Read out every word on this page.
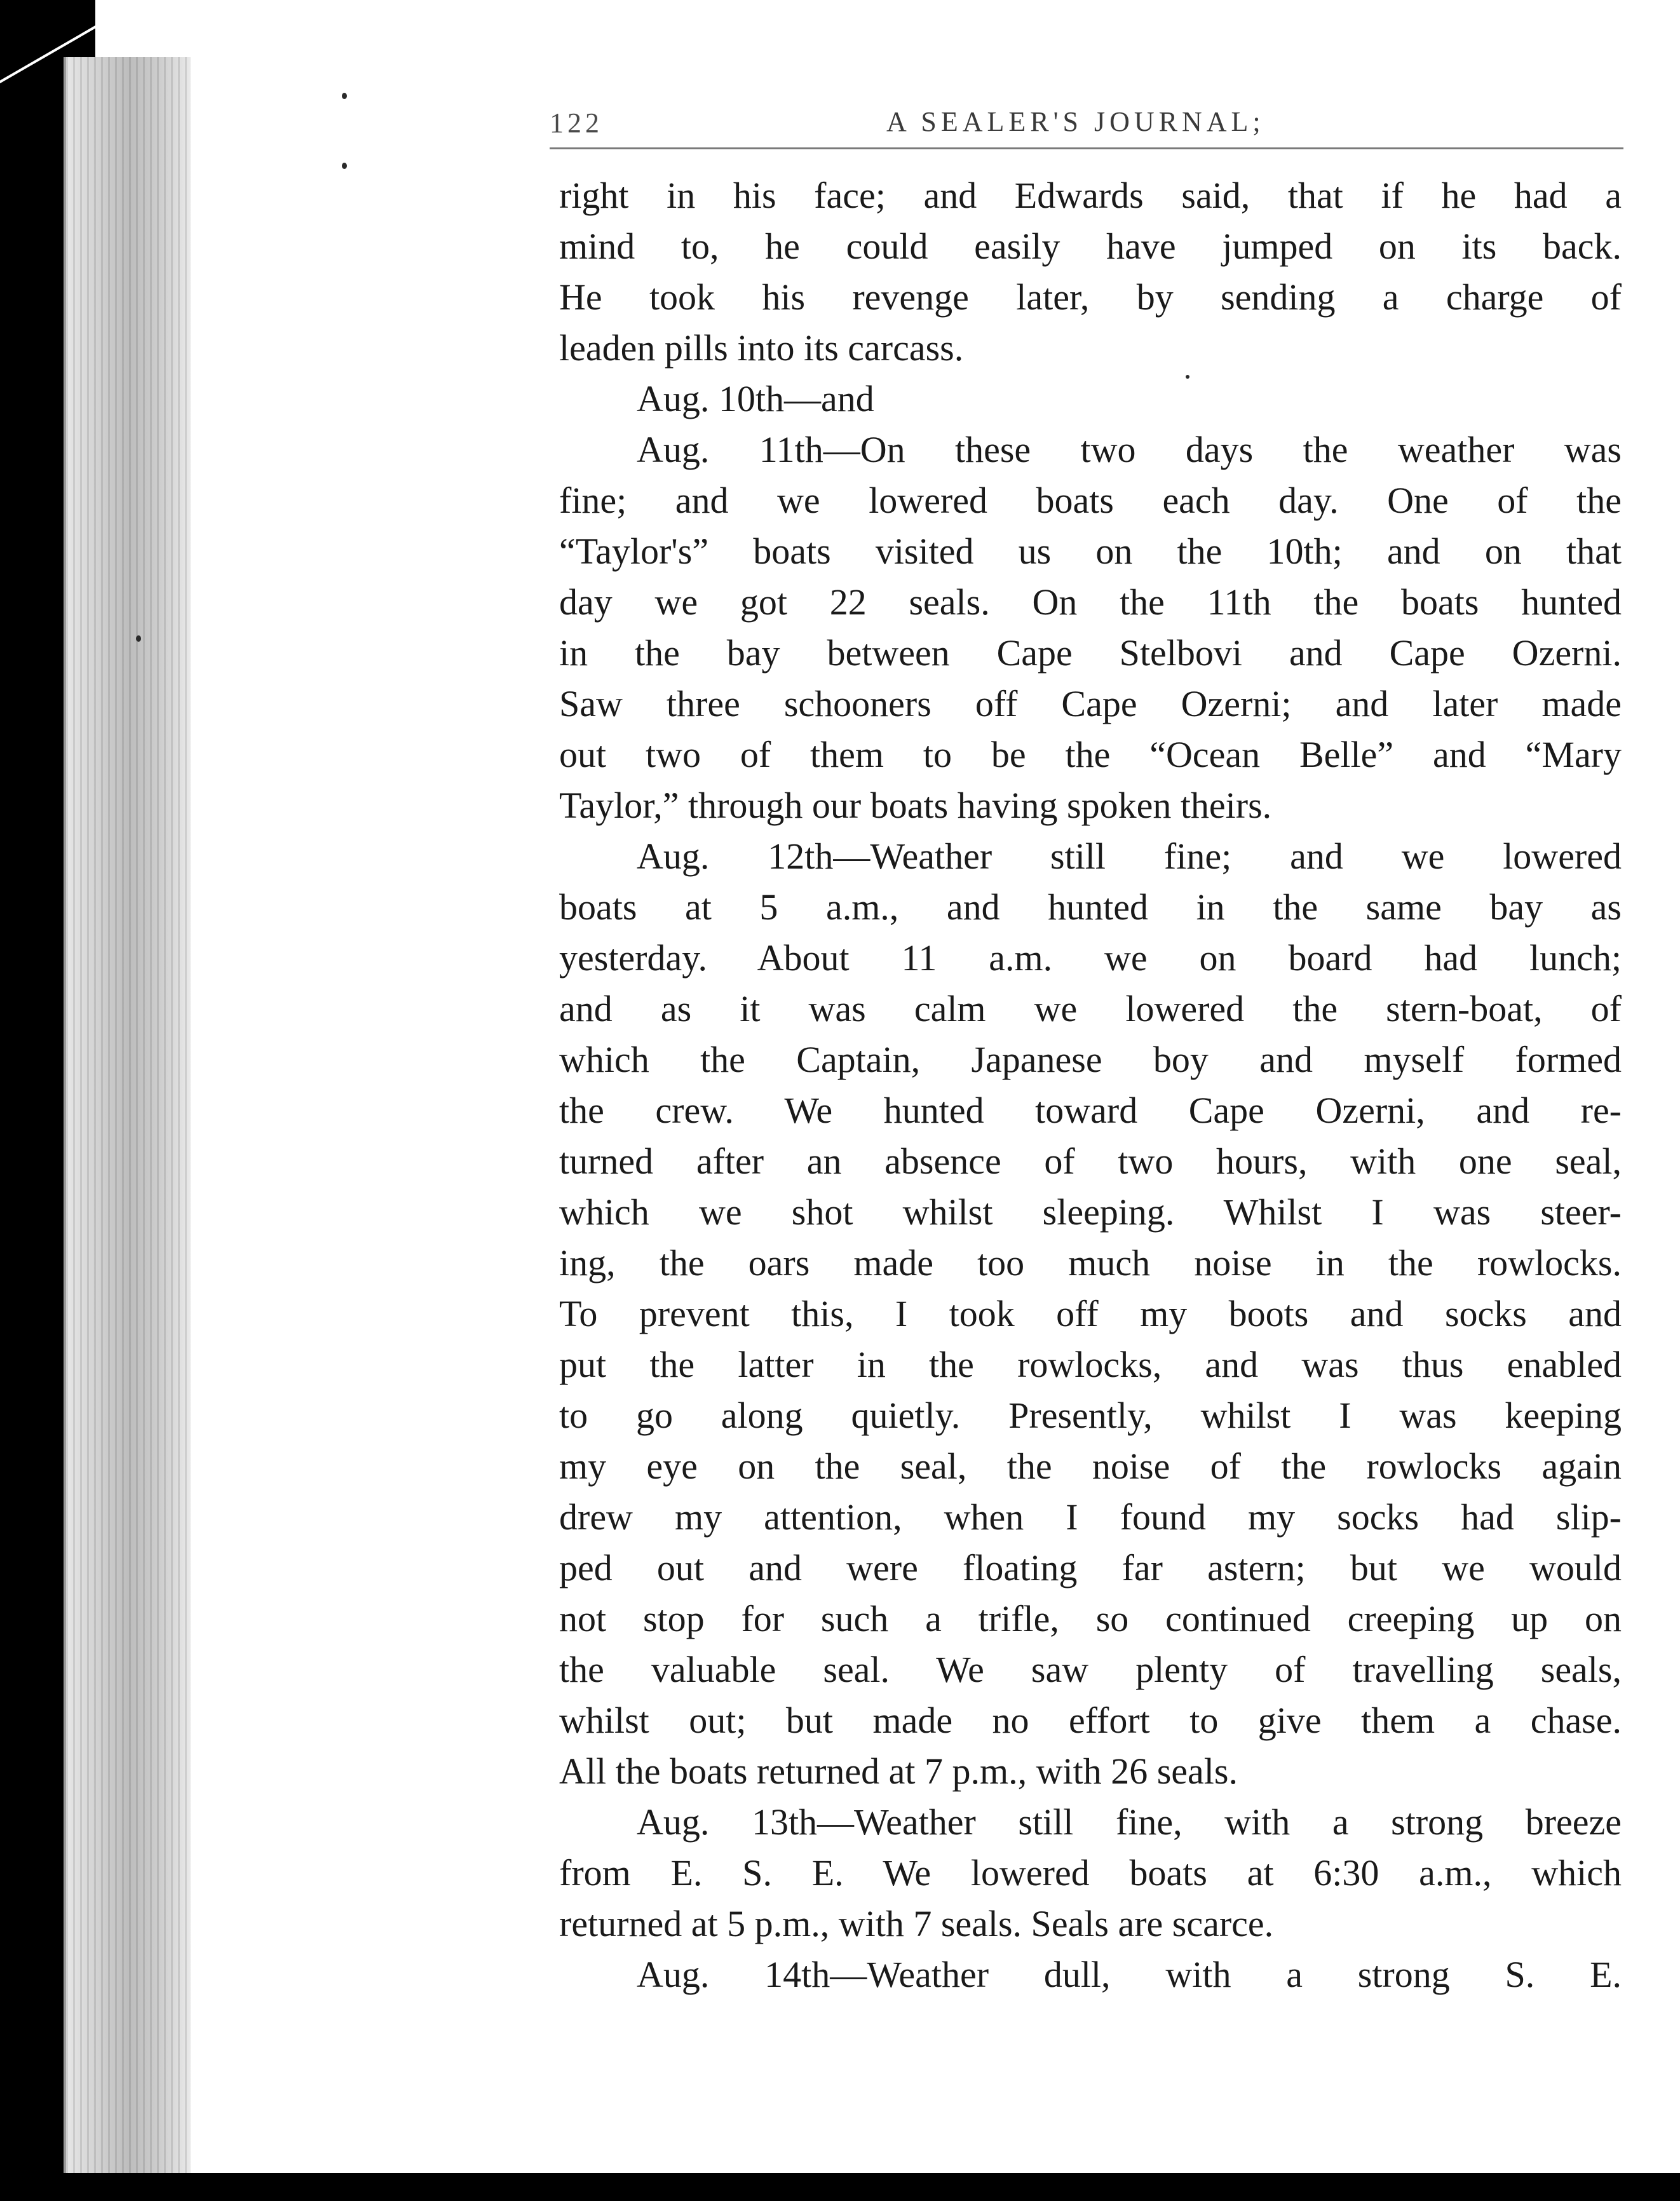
122	A SEALER'S JOURNAL;
right in his face; and Edwards said, that if he had a
mind to, he could easily have jumped on its back.
He took his revenge later, by sending a charge of
leaden pills into its carcass.
Aug. 10th—and
Aug. 11th—On these two days the weather was
fine; and we lowered boats each day. One of the
“Taylor's” boats visited us on the 10th; and on that
day we got 22 seals. On the 11th the boats hunted
in the bay between Cape Stelbovi and Cape Ozerni.
Saw three schooners off Cape Ozerni; and later made
out two of them to be the “Ocean Belle” and “Mary
Taylor,” through our boats having spoken theirs.
Aug. 12th—Weather still fine; and we lowered
boats at 5 a.m., and hunted in the same bay as
yesterday. About 11 a.m. we on board had lunch;
and as it was calm we lowered the stern-boat, of
which the Captain, Japanese boy and myself formed
the crew. We hunted toward Cape Ozerni, and re-
turned after an absence of two hours, with one seal,
which we shot whilst sleeping. Whilst I was steer-
ing, the oars made too much noise in the rowlocks.
To prevent this, I took off my boots and socks and
put the latter in the rowlocks, and was thus enabled
to go along quietly. Presently, whilst I was keeping
my eye on the seal, the noise of the rowlocks again
drew my attention, when I found my socks had slip-
ped out and were floating far astern; but we would
not stop for such a trifle, so continued creeping up on
the valuable seal. We saw plenty of travelling seals,
whilst out; but made no effort to give them a chase.
All the boats returned at 7 p.m., with 26 seals.
Aug. 13th—Weather still fine, with a strong breeze
from E. S. E. We lowered boats at 6:30 a.m., which
returned at 5 p.m., with 7 seals. Seals are scarce.
Aug. 14th—Weather dull, with a strong S. E.
